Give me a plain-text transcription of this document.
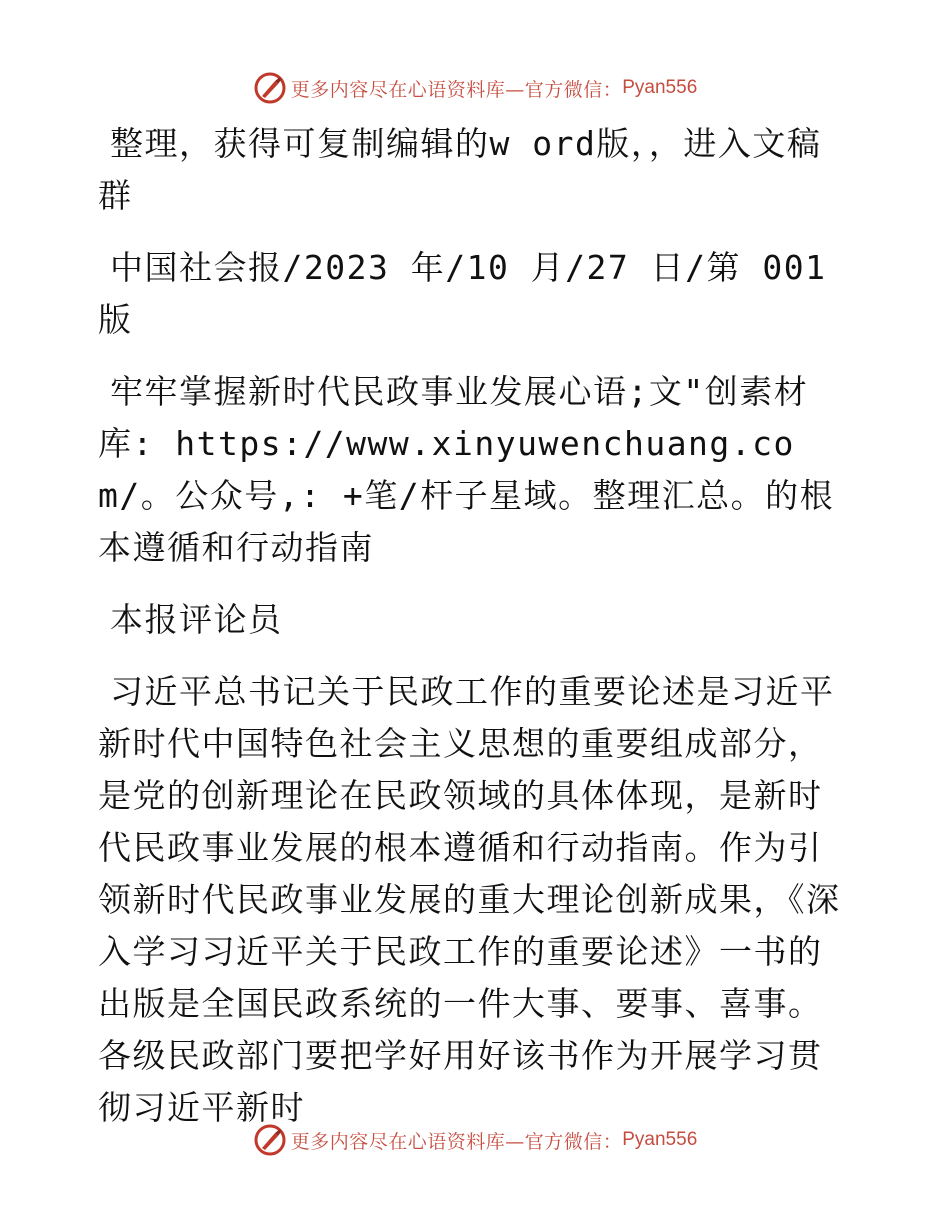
更多内容尽在心语资料库—官方微信： Pyan556

整理，获得可复制编辑的w ord版，，进入文稿群

中国社会报/2023 年/10 月/27 日/第 001 版

牢牢掌握新时代民政事业发展心语;文"创素材库: https://www.xinyuwenchuang.com/。公众号,: +笔/杆子星域。整理汇总。的根本遵循和行动指南

本报评论员

习近平总书记关于民政工作的重要论述是习近平新时代中国特色社会主义思想的重要组成部分，是党的创新理论在民政领域的具体体现，是新时代民政事业发展的根本遵循和行动指南。作为引领新时代民政事业发展的重大理论创新成果，《深入学习习近平关于民政工作的重要论述》一书的出版是全国民政系统的一件大事、要事、喜事。各级民政部门要把学好用好该书作为开展学习贯彻习近平新时

更多内容尽在心语资料库—官方微信： Pyan556
